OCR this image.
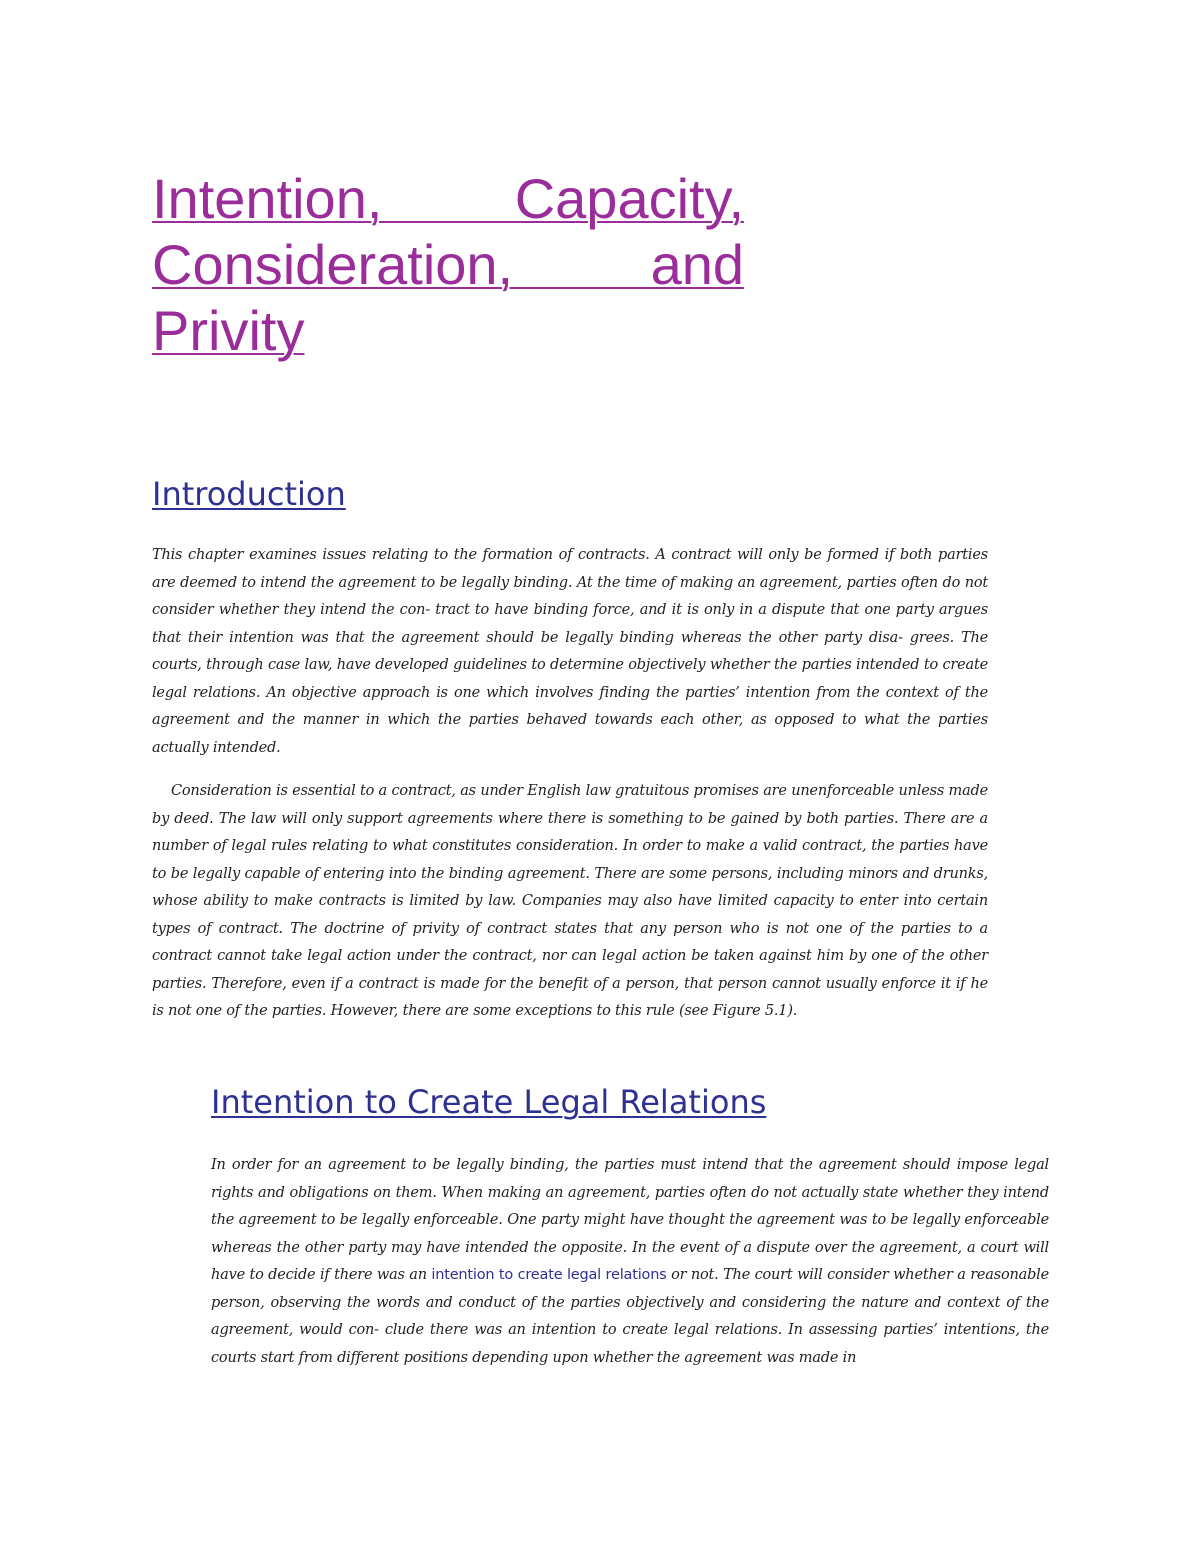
Intention, Capacity, Consideration, and Privity
Introduction

This chapter examines issues relating to the formation of contracts. A contract will only be formed if both parties are deemed to intend the agreement to be legally binding. At the time of making an agreement, parties often do not consider whether they intend the con- tract to have binding force, and it is only in a dispute that one party argues that their intention was that the agreement should be legally binding whereas the other party disa- grees. The courts, through case law, have developed guidelines to determine objectively whether the parties intended to create legal relations. An objective approach is one which involves finding the parties’ intention from the context of the agreement and the manner in which the parties behaved towards each other, as opposed to what the parties actually intended.

Consideration is essential to a contract, as under English law gratuitous promises are unenforceable unless made by deed. The law will only support agreements where there is something to be gained by both parties. There are a number of legal rules relating to what constitutes consideration. In order to make a valid contract, the parties have to be legally capable of entering into the binding agreement. There are some persons, including minors and drunks, whose ability to make contracts is limited by law. Companies may also have limited capacity to enter into certain types of contract. The doctrine of privity of contract states that any person who is not one of the parties to a contract cannot take legal action under the contract, nor can legal action be taken against him by one of the other parties. Therefore, even if a contract is made for the benefit of a person, that person cannot usually enforce it if he is not one of the parties. However, there are some exceptions to this rule (see Figure 5.1).

Intention to Create Legal Relations

In order for an agreement to be legally binding, the parties must intend that the agreement should impose legal rights and obligations on them. When making an agreement, parties often do not actually state whether they intend the agreement to be legally enforceable. One party might have thought the agreement was to be legally enforceable whereas the other party may have intended the opposite. In the event of a dispute over the agreement, a court will have to decide if there was an intention to create legal relations or not. The court will consider whether a reasonable person, observing the words and conduct of the parties objectively and considering the nature and context of the agreement, would con- clude there was an intention to create legal relations. In assessing parties’ intentions, the courts start from different positions depending upon whether the agreement was made in
